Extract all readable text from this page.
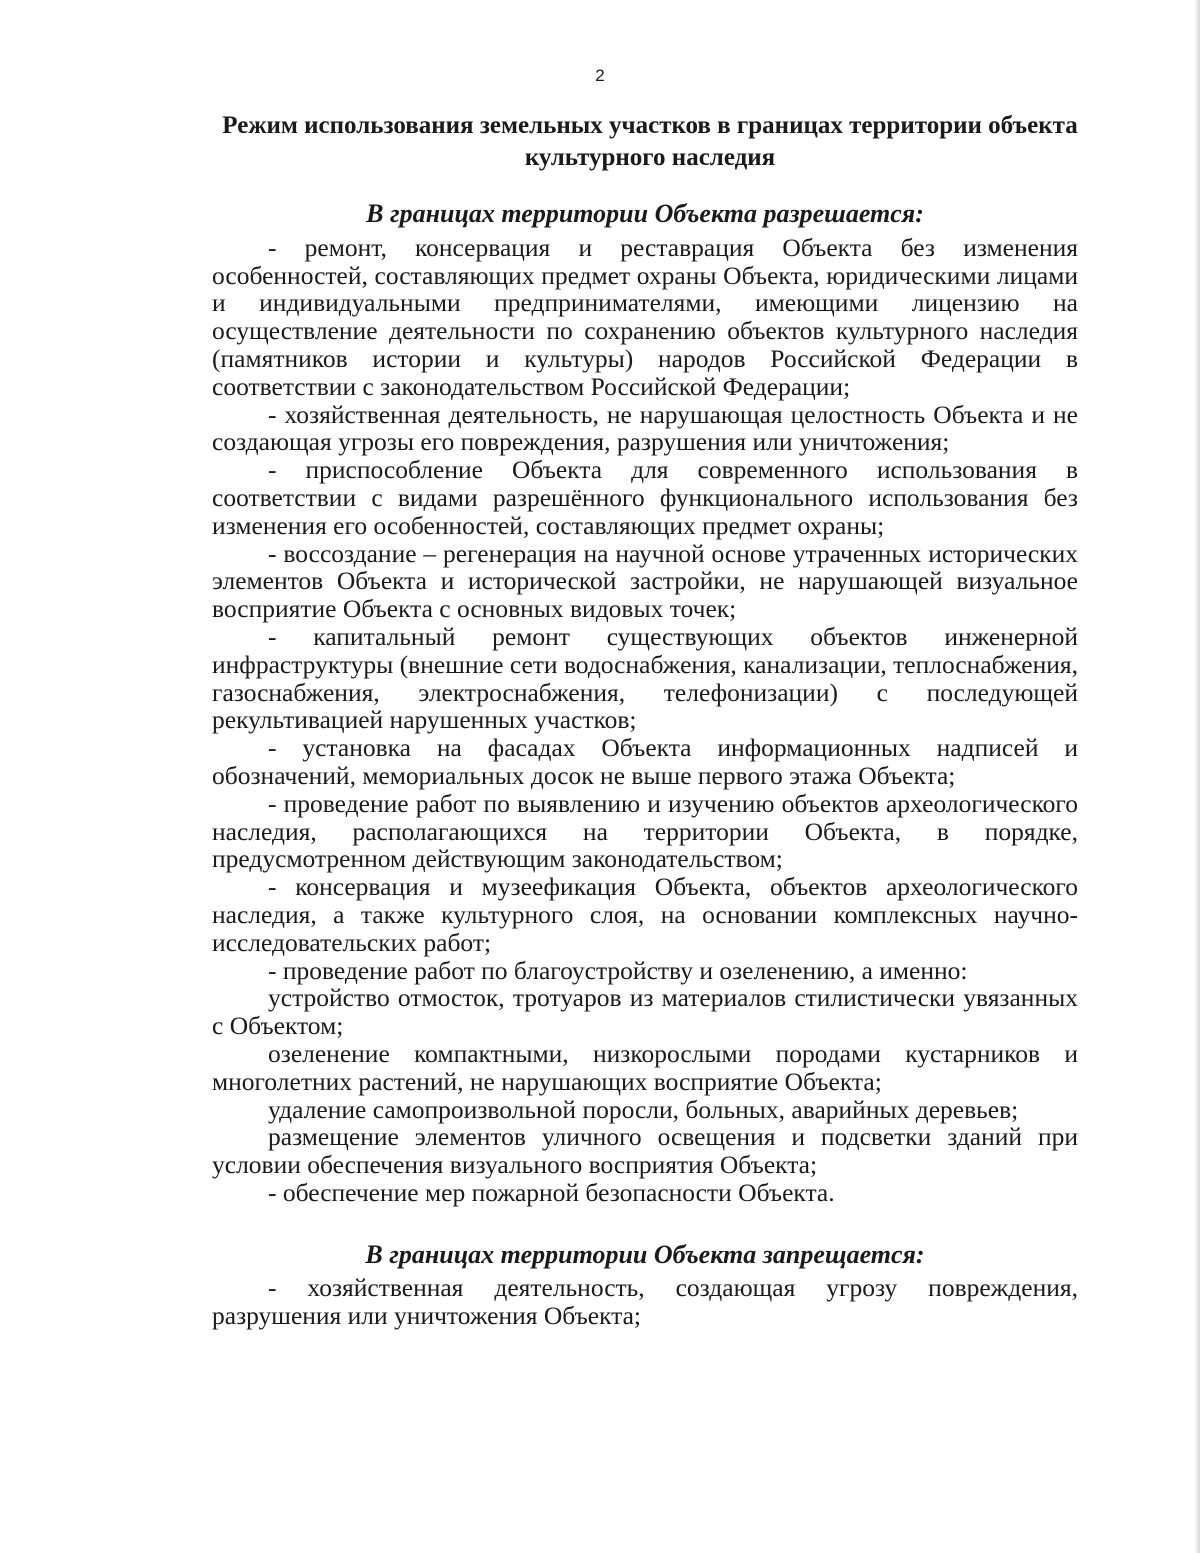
2
Режим использования земельных участков в границах территории объекта культурного наследия
В границах территории Объекта разрешается:

- ремонт, консервация и реставрация Объекта без изменения особенностей, составляющих предмет охраны Объекта, юридическими лицами и индивидуальными предпринимателями, имеющими лицензию на осуществление деятельности по сохранению объектов культурного наследия (памятников истории и культуры) народов Российской Федерации в соответствии с законодательством Российской Федерации;

- хозяйственная деятельность, не нарушающая целостность Объекта и не создающая угрозы его повреждения, разрушения или уничтожения;

- приспособление Объекта для современного использования в соответствии с видами разрешённого функционального использования без изменения его особенностей, составляющих предмет охраны;

- воссоздание – регенерация на научной основе утраченных исторических элементов Объекта и исторической застройки, не нарушающей визуальное восприятие Объекта с основных видовых точек;

- капитальный ремонт существующих объектов инженерной инфраструктуры (внешние сети водоснабжения, канализации, теплоснабжения, газоснабжения, электроснабжения, телефонизации) с последующей рекультивацией нарушенных участков;

- установка на фасадах Объекта информационных надписей и обозначений, мемориальных досок не выше первого этажа Объекта;

- проведение работ по выявлению и изучению объектов археологического наследия, располагающихся на территории Объекта, в порядке, предусмотренном действующим законодательством;

- консервация и музеефикация Объекта, объектов археологического наследия, а также культурного слоя, на основании комплексных научно-исследовательских работ;

- проведение работ по благоустройству и озеленению, а именно:

устройство отмосток, тротуаров из материалов стилистически увязанных с Объектом;

озеленение компактными, низкорослыми породами кустарников и многолетних растений, не нарушающих восприятие Объекта;

удаление самопроизвольной поросли, больных, аварийных деревьев;

размещение элементов уличного освещения и подсветки зданий при условии обеспечения визуального восприятия Объекта;

- обеспечение мер пожарной безопасности Объекта.

В границах территории Объекта запрещается:

- хозяйственная деятельность, создающая угрозу повреждения, разрушения или уничтожения Объекта;
